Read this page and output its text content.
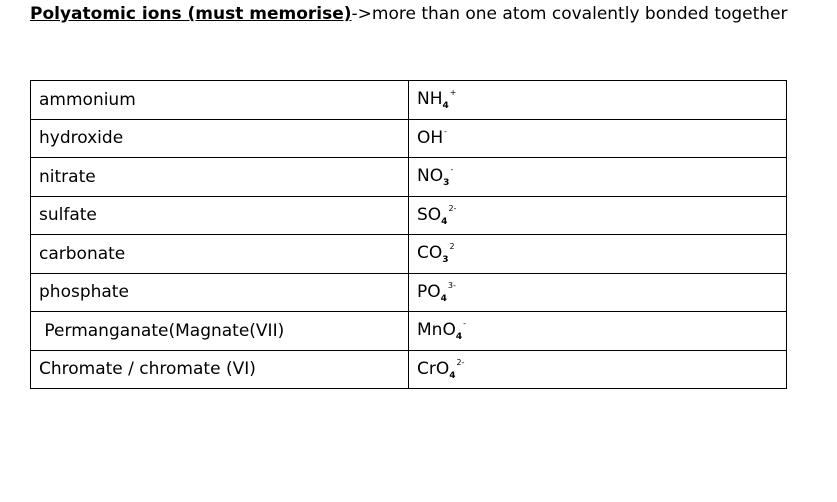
Polyatomic ions (must memorise)->more than one atom covalently bonded together
ammonium	$NH_4^+$
hydroxide	OH-
nitrate	$NO_3^-$
sulfate	$SO_4^{2-}$
carbonate	$CO_3^2$
phosphate	$PO_4^{3-}$
Permanganate(Magnate(VII)	MnO$_4$-
Chromate / chromate (VI)	CrO$_4^{2-}$
